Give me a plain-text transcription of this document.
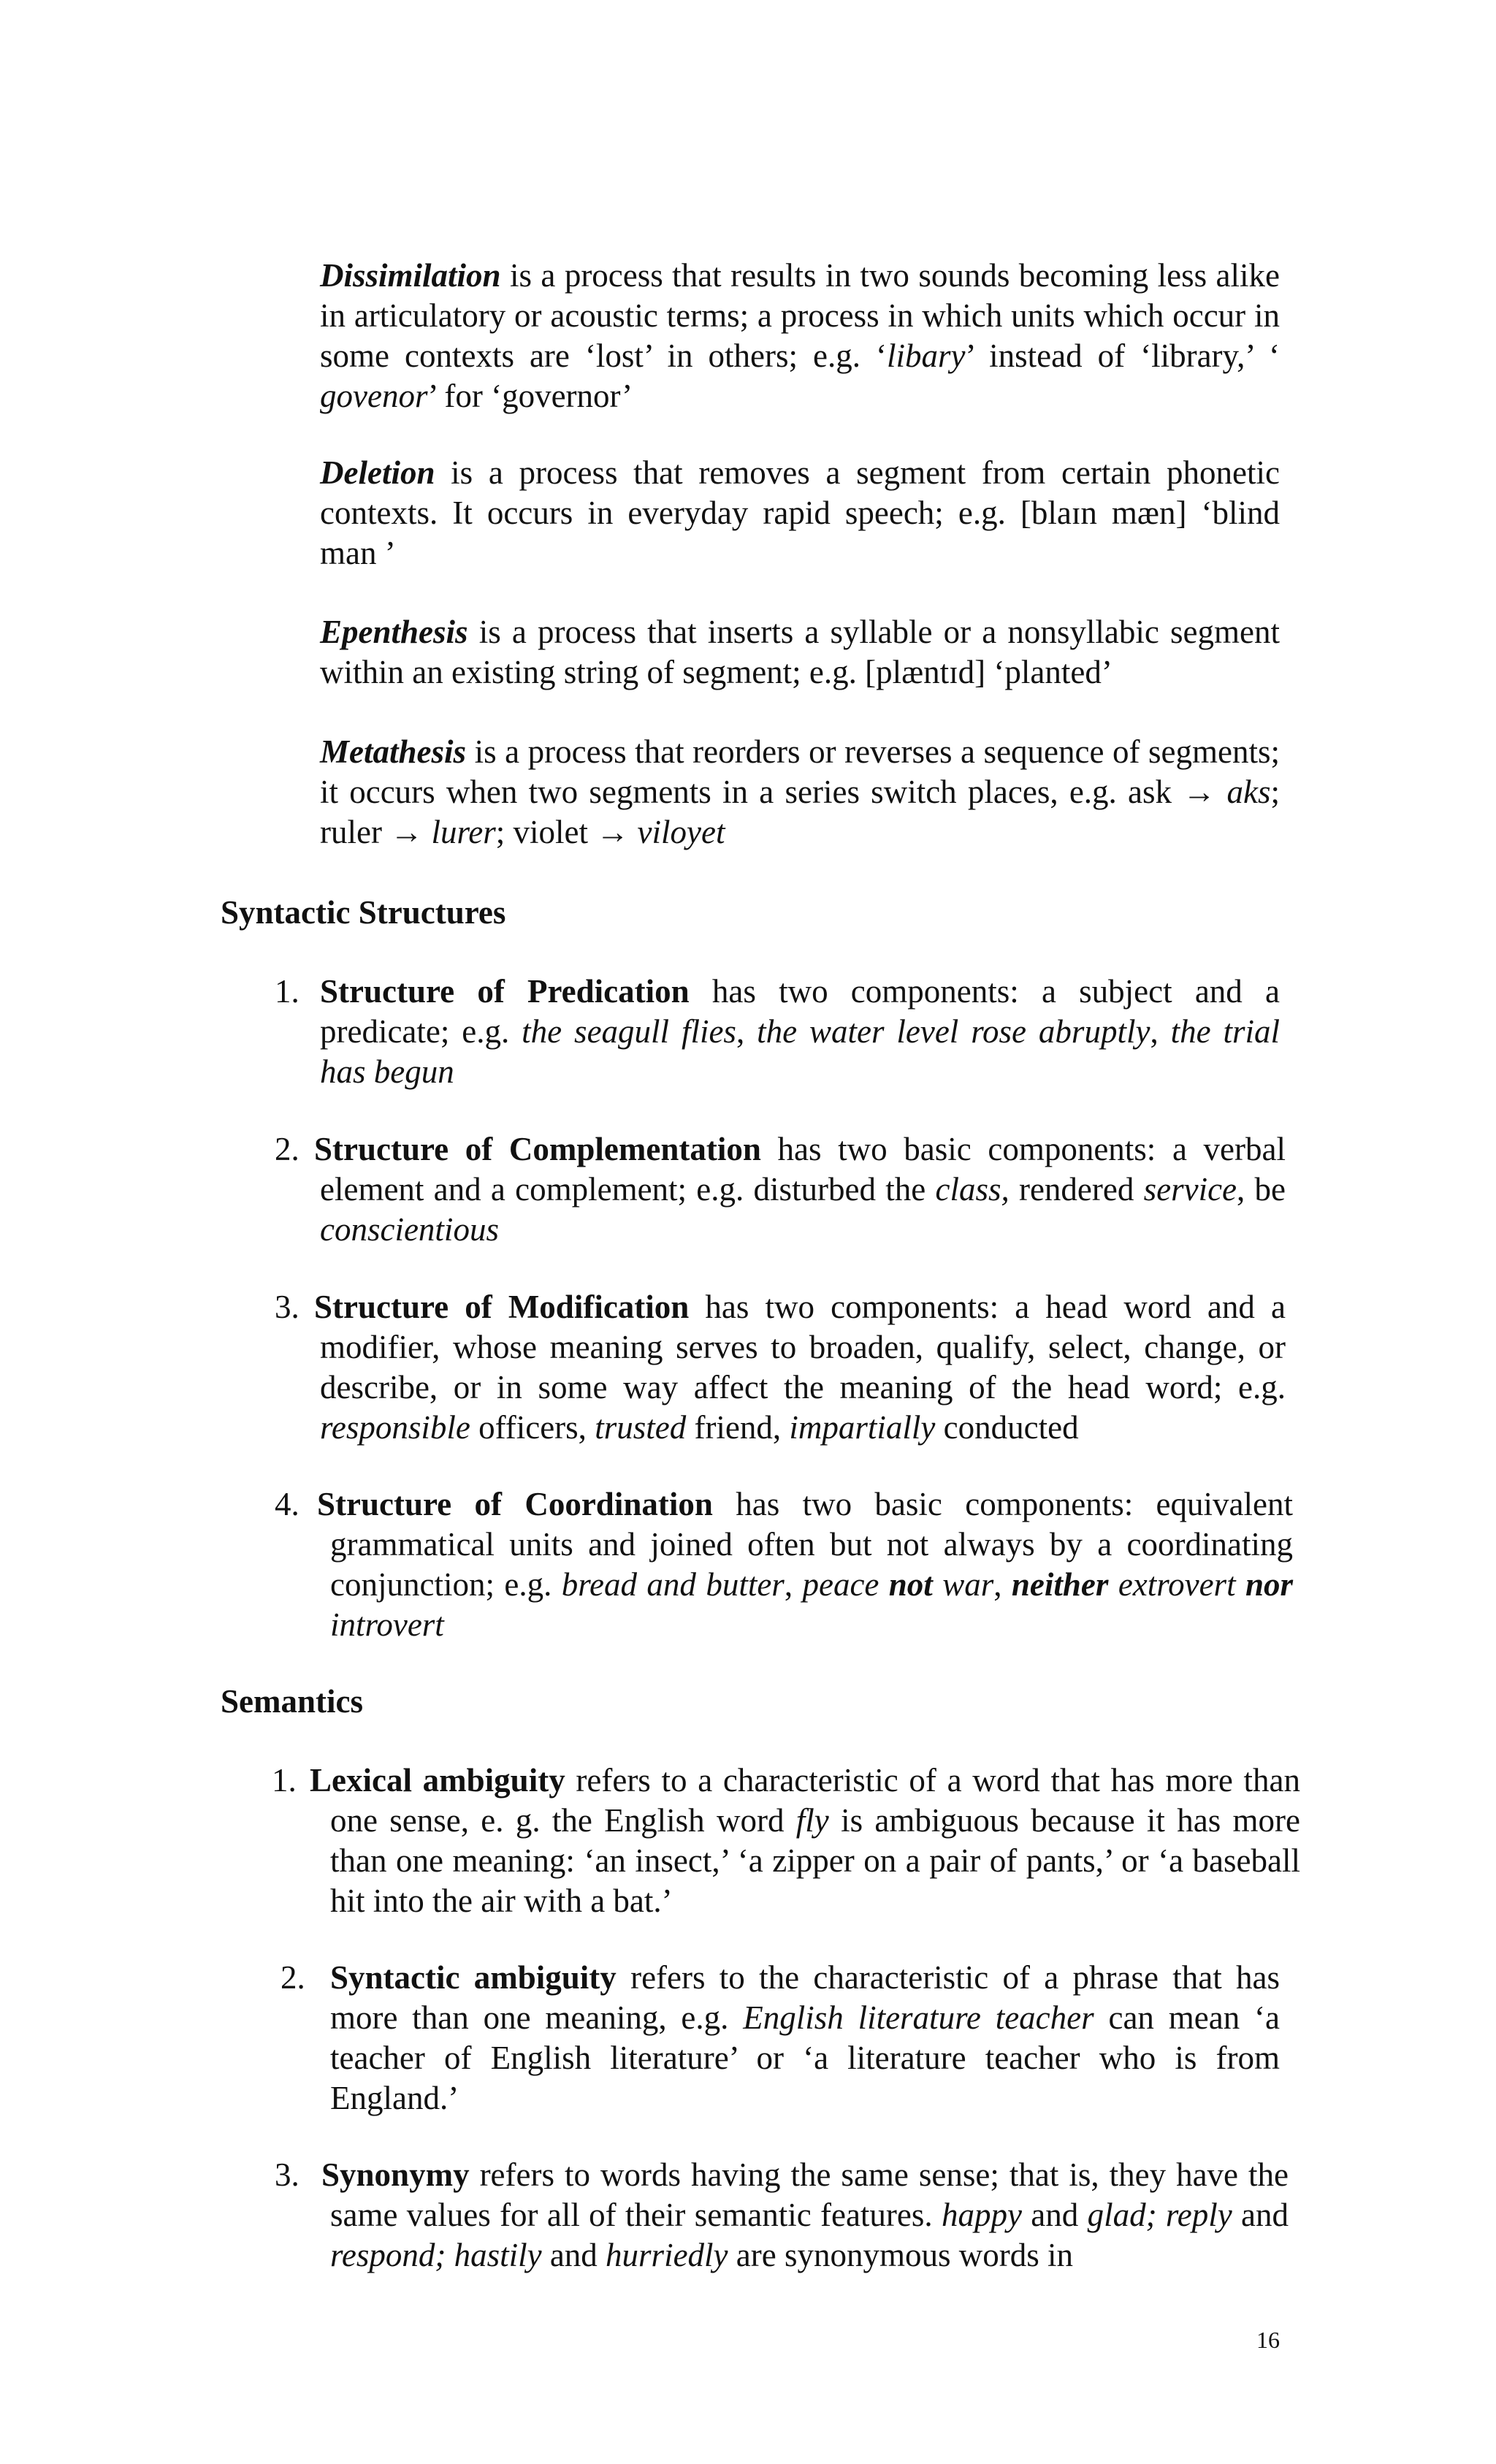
Dissimilation is a process that results in two sounds becoming less alike in articulatory or acoustic terms; a process in which units which occur in some contexts are ‘lost’ in others; e.g. ‘libary’ instead of ‘library,’ ‘ govenor’ for ‘governor’

Deletion is a process that removes a segment from certain phonetic contexts. It occurs in everyday rapid speech; e.g. [blaɪn mæn] ‘blind man ’

Epenthesis is a process that inserts a syllable or a nonsyllabic segment within an existing string of segment; e.g. [plæntɪd] ‘planted’

Metathesis is a process that reorders or reverses a sequence of segments; it occurs when two segments in a series switch places, e.g. ask → aks; ruler → lurer; violet → viloyet

Syntactic Structures

1. Structure of Predication has two components: a subject and a predicate; e.g. the seagull flies, the water level rose abruptly, the trial has begun

2. Structure of Complementation has two basic components: a verbal element and a complement; e.g. disturbed the class, rendered service, be conscientious

3. Structure of Modification has two components: a head word and a modifier, whose meaning serves to broaden, qualify, select, change, or describe, or in some way affect the meaning of the head word; e.g. responsible officers, trusted friend, impartially conducted

4. Structure of Coordination has two basic components: equivalent grammatical units and joined often but not always by a coordinating conjunction; e.g. bread and butter, peace not war, neither extrovert nor introvert

Semantics

1. Lexical ambiguity refers to a characteristic of a word that has more than one sense, e. g. the English word fly is ambiguous because it has more than one meaning: ‘an insect,’ ‘a zipper on a pair of pants,’ or ‘a baseball hit into the air with a bat.’

2. Syntactic ambiguity refers to the characteristic of a phrase that has more than one meaning, e.g. English literature teacher can mean ‘a teacher of English literature’ or ‘a literature teacher who is from England.’

3. Synonymy refers to words having the same sense; that is, they have the same values for all of their semantic features. happy and glad; reply and respond; hastily and hurriedly are synonymous words in

16
